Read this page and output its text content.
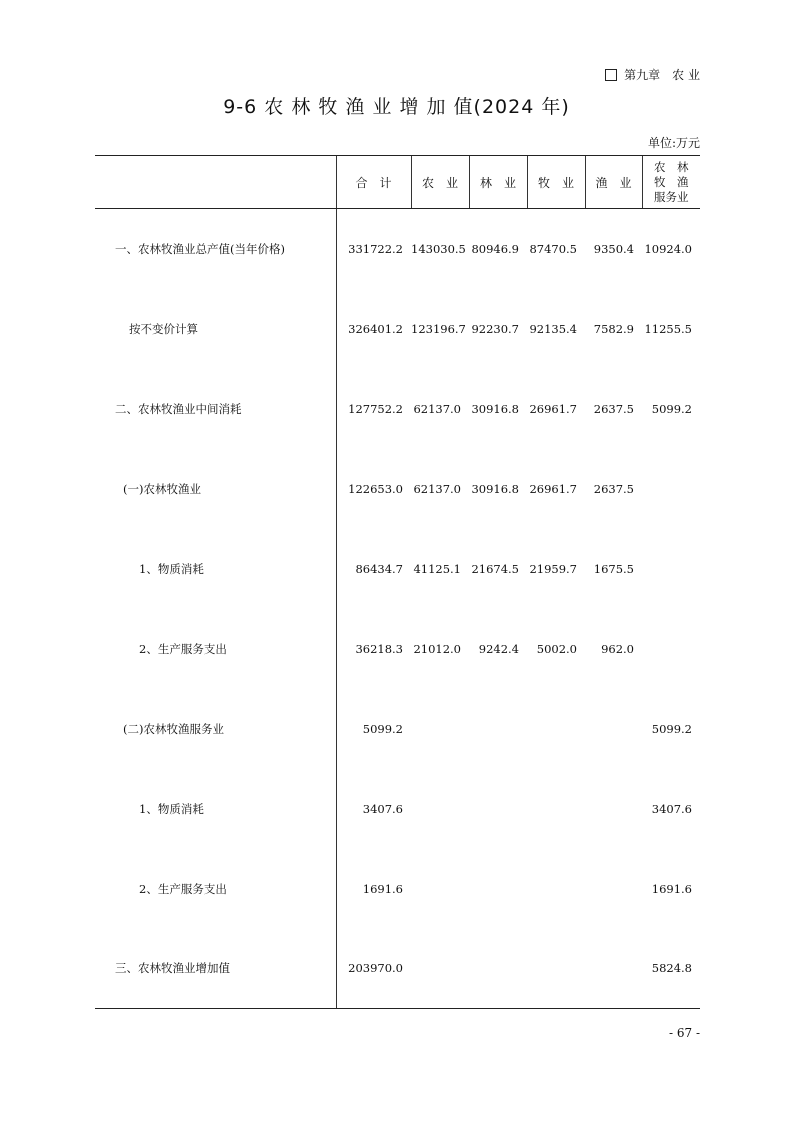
第九章　农 业
9-6 农 林 牧 渔 业 增 加 值(2024 年)
单位:万元
	合　计	农　业	林　业	牧　业	渔　业	农　林
牧　渔
服务业

一、农林牧渔业总产值(当年价格)	331722.2	143030.5	80946.9	87470.5	9350.4	10924.0
按不变价计算	326401.2	123196.7	92230.7	92135.4	7582.9	11255.5
二、农林牧渔业中间消耗	127752.2	62137.0	30916.8	26961.7	2637.5	5099.2
(一)农林牧渔业	122653.0	62137.0	30916.8	26961.7	2637.5	
1、物质消耗	86434.7	41125.1	21674.5	21959.7	1675.5	
2、生产服务支出	36218.3	21012.0	9242.4	5002.0	962.0	
(二)农林牧渔服务业	5099.2					5099.2
1、物质消耗	3407.6					3407.6
2、生产服务支出	1691.6					1691.6
三、农林牧渔业增加值	203970.0					5824.8
- 67 -
